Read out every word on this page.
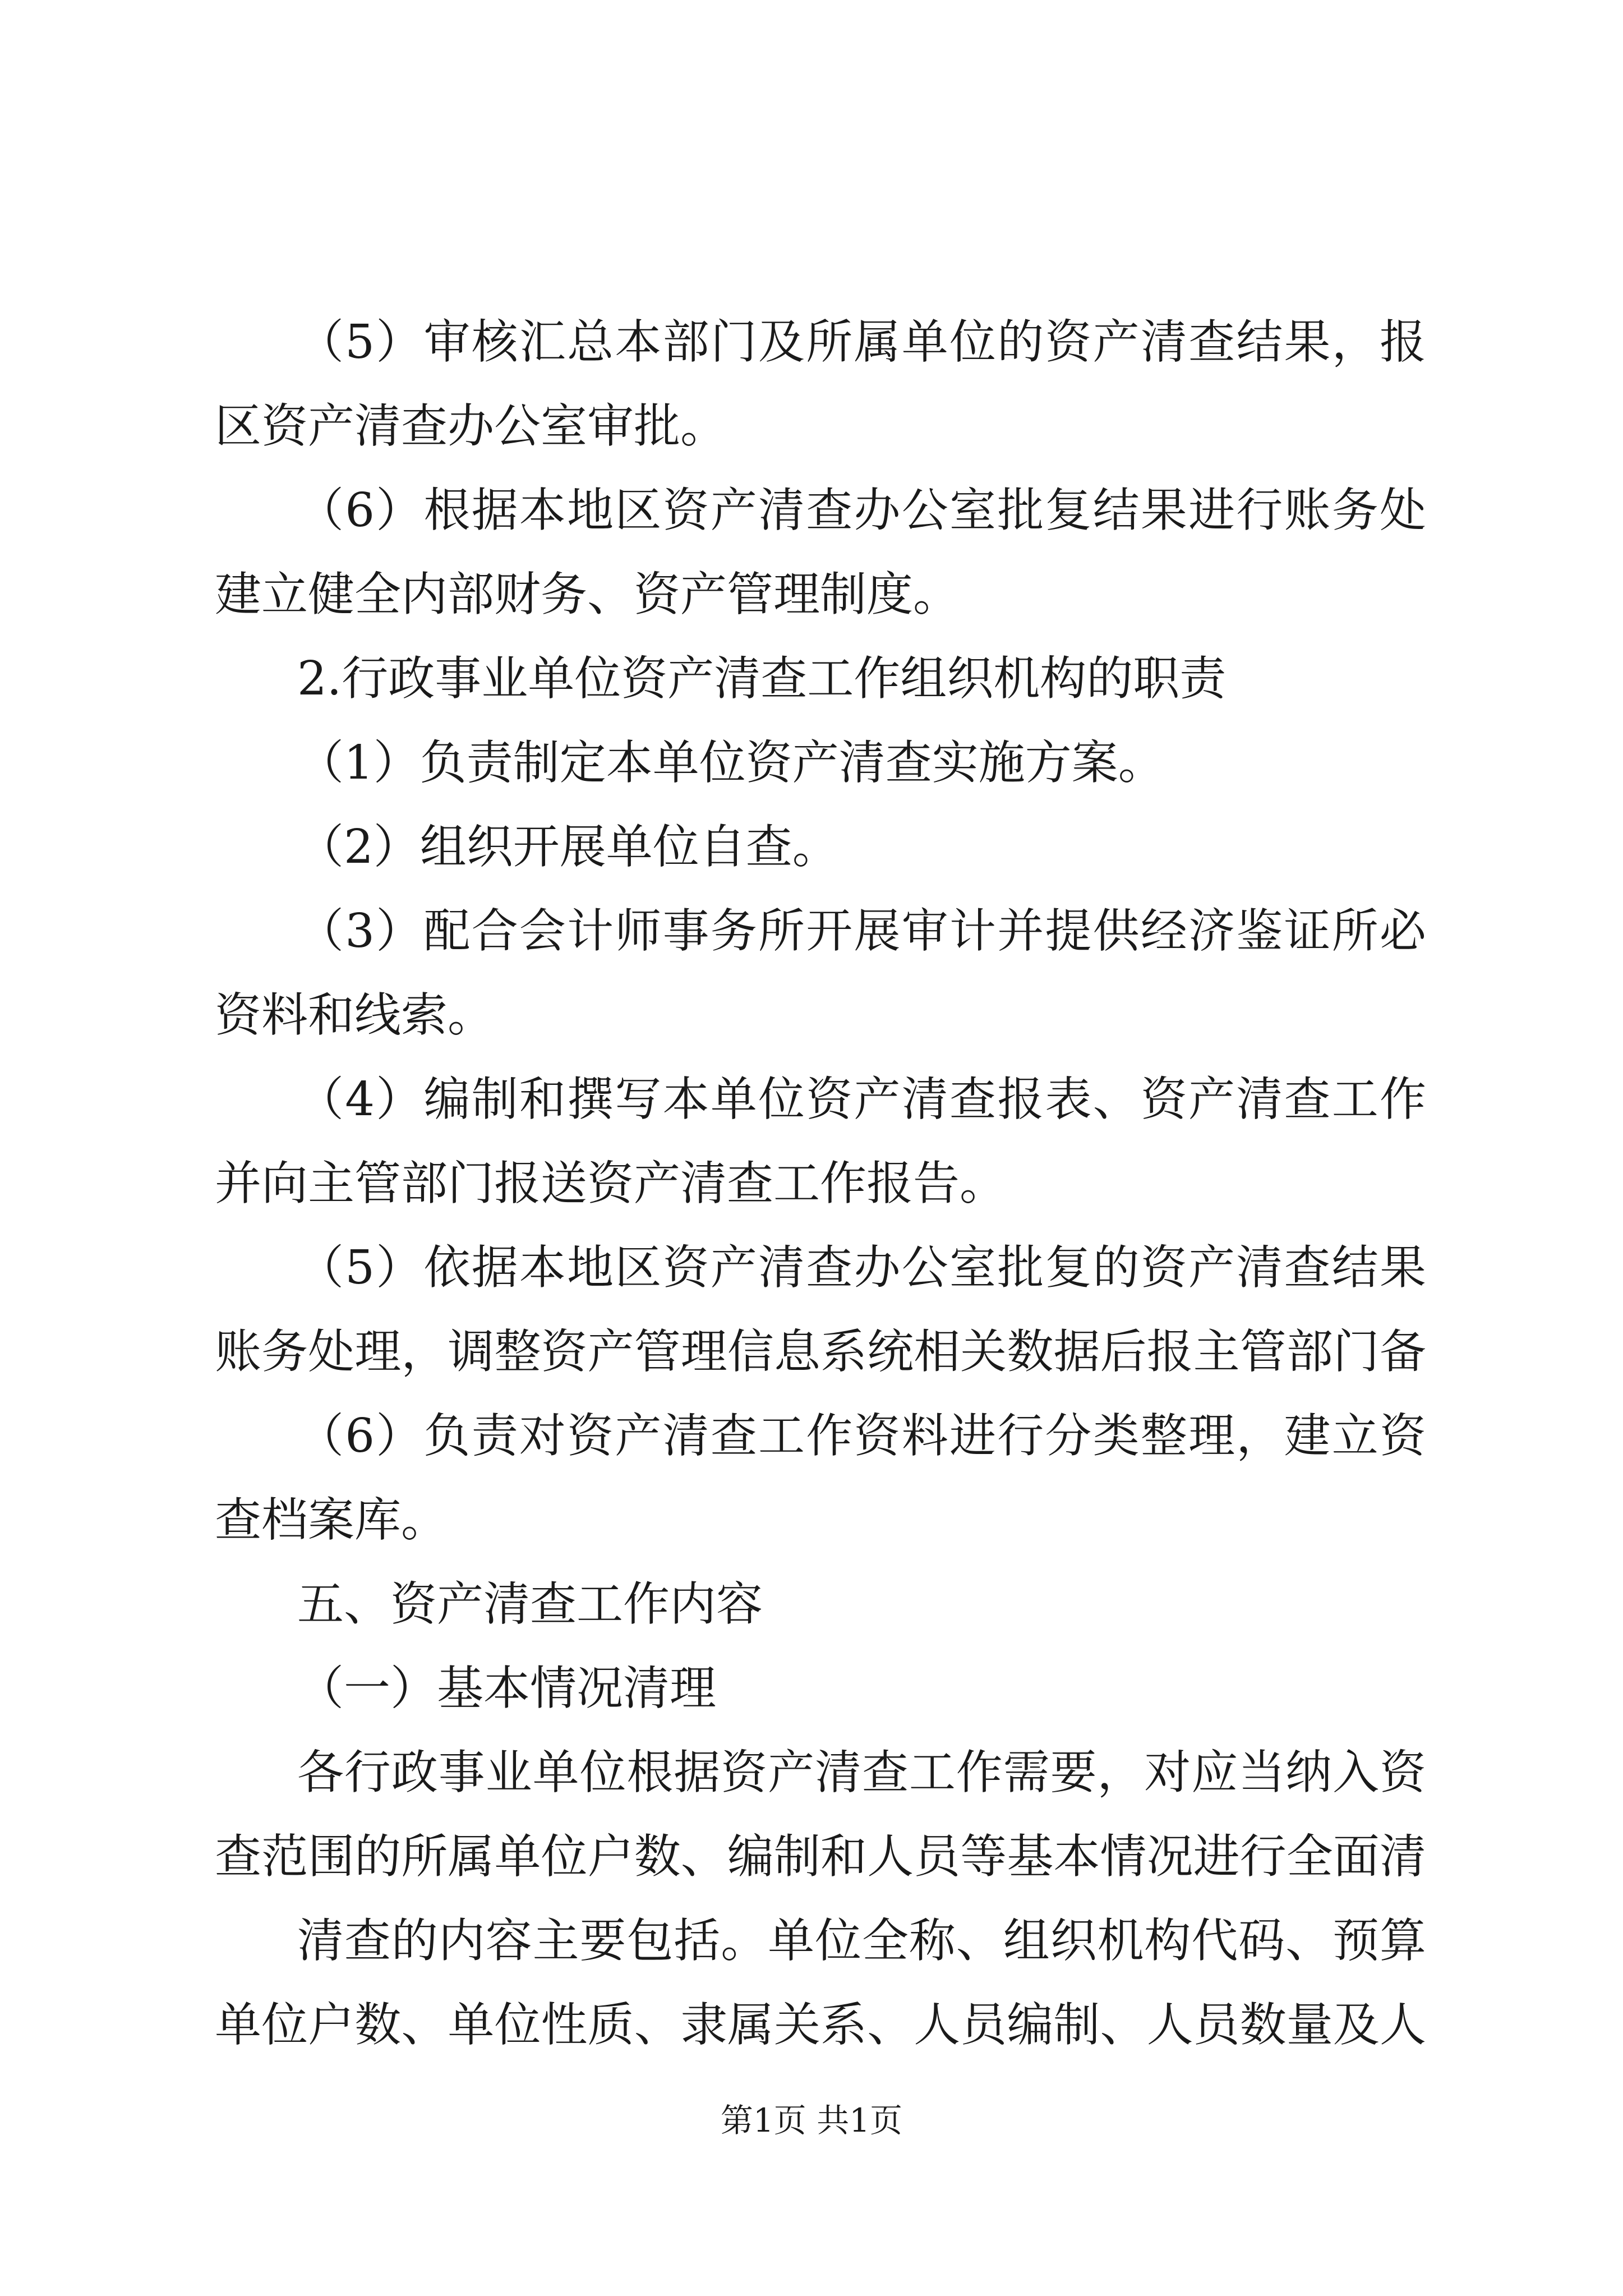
（5）审核汇总本部门及所属单位的资产清查结果，报
区资产清查办公室审批。
（6）根据本地区资产清查办公室批复结果进行账务处
建立健全内部财务、资产管理制度。
2.行政事业单位资产清查工作组织机构的职责
（1）负责制定本单位资产清查实施方案。
（2）组织开展单位自查。
（3）配合会计师事务所开展审计并提供经济鉴证所必
资料和线索。
（4）编制和撰写本单位资产清查报表、资产清查工作
并向主管部门报送资产清查工作报告。
（5）依据本地区资产清查办公室批复的资产清查结果
账务处理，调整资产管理信息系统相关数据后报主管部门备
（6）负责对资产清查工作资料进行分类整理，建立资
查档案库。
五、资产清查工作内容
（一）基本情况清理
各行政事业单位根据资产清查工作需要，对应当纳入资
查范围的所属单位户数、编制和人员等基本情况进行全面清
清查的内容主要包括。单位全称、组织机构代码、预算
单位户数、单位性质、隶属关系、人员编制、人员数量及人
第1页 共1页
